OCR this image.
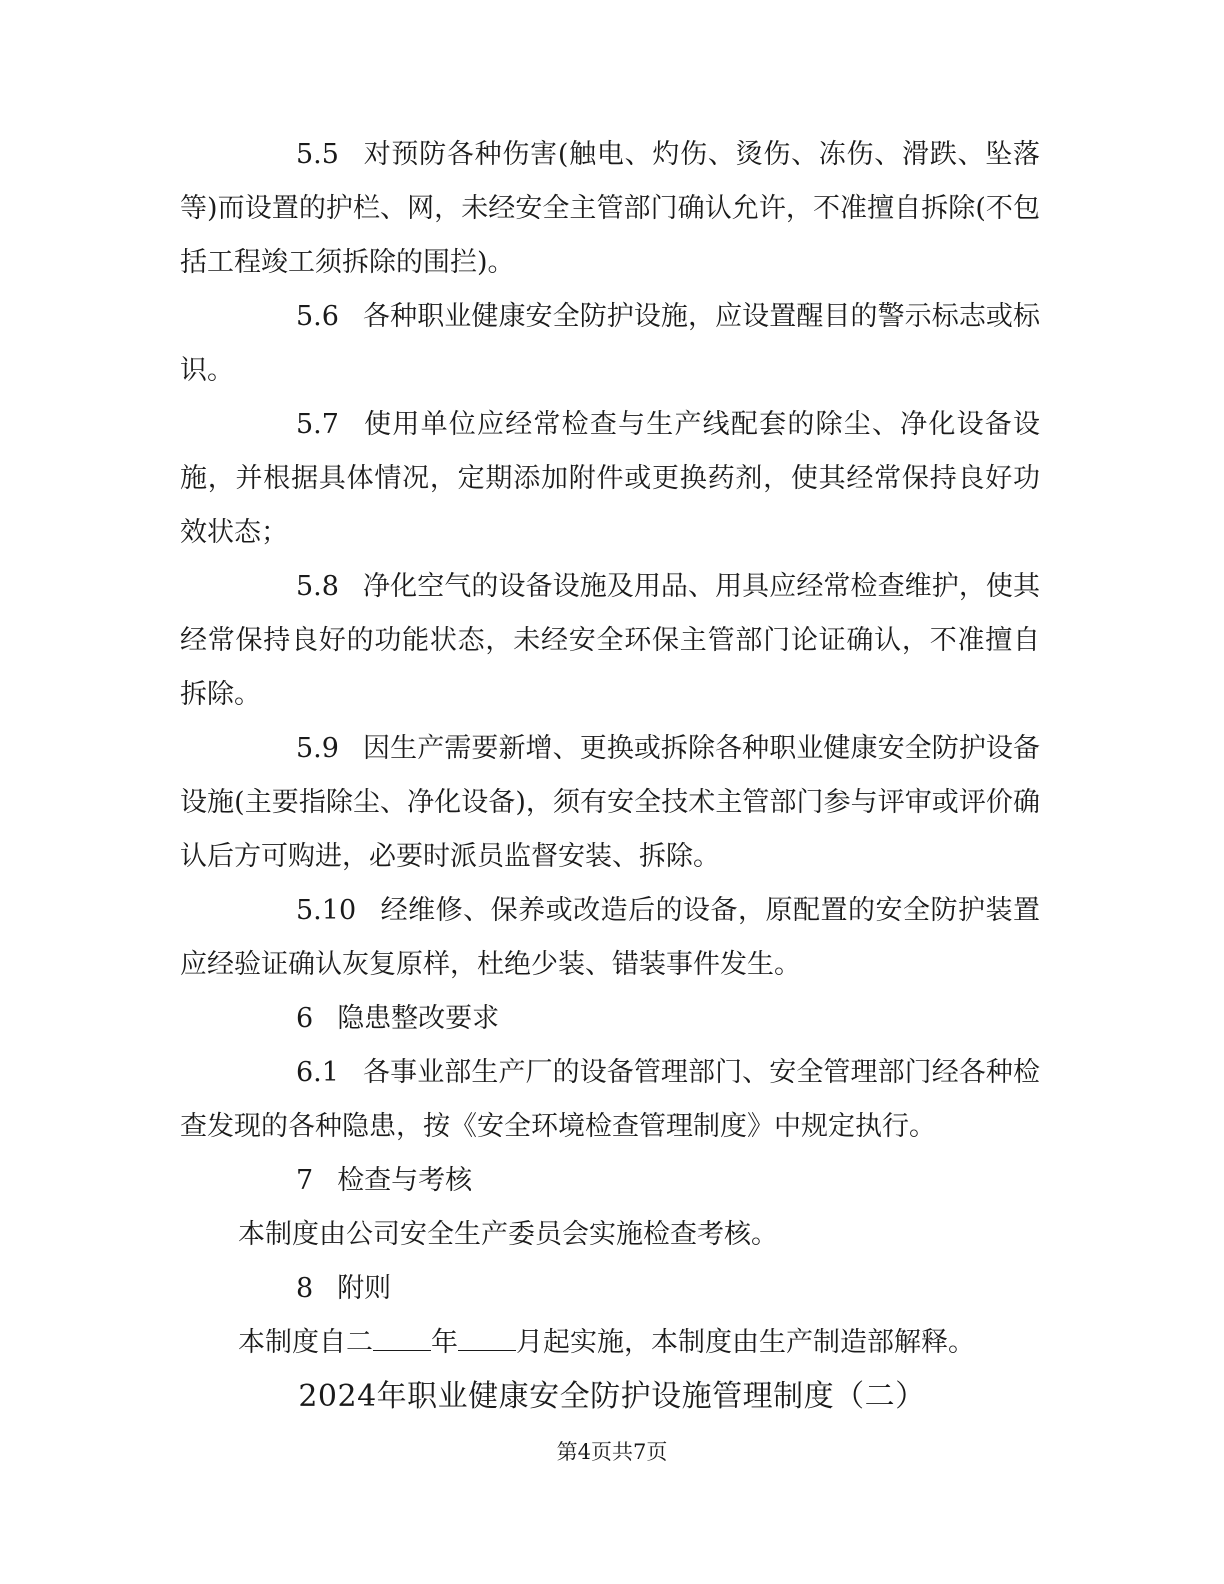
5.5 对预防各种伤害(触电、灼伤、烫伤、冻伤、滑跌、坠落等)而设置的护栏、网，未经安全主管部门确认允许，不准擅自拆除(不包括工程竣工须拆除的围拦)。

5.6 各种职业健康安全防护设施，应设置醒目的警示标志或标识。

5.7 使用单位应经常检查与生产线配套的除尘、净化设备设施，并根据具体情况，定期添加附件或更换药剂，使其经常保持良好功效状态；

5.8 净化空气的设备设施及用品、用具应经常检查维护，使其经常保持良好的功能状态，未经安全环保主管部门论证确认，不准擅自拆除。

5.9 因生产需要新增、更换或拆除各种职业健康安全防护设备设施(主要指除尘、净化设备)，须有安全技术主管部门参与评审或评价确认后方可购进，必要时派员监督安装、拆除。

5.10 经维修、保养或改造后的设备，原配置的安全防护装置应经验证确认灰复原样，杜绝少装、错装事件发生。

6 隐患整改要求

6.1 各事业部生产厂的设备管理部门、安全管理部门经各种检查发现的各种隐患，按《安全环境检查管理制度》中规定执行。

7 检查与考核

本制度由公司安全生产委员会实施检查考核。

8 附则

本制度自二 年 月起实施，本制度由生产制造部解释。

2024年职业健康安全防护设施管理制度（二）
第4页共7页
